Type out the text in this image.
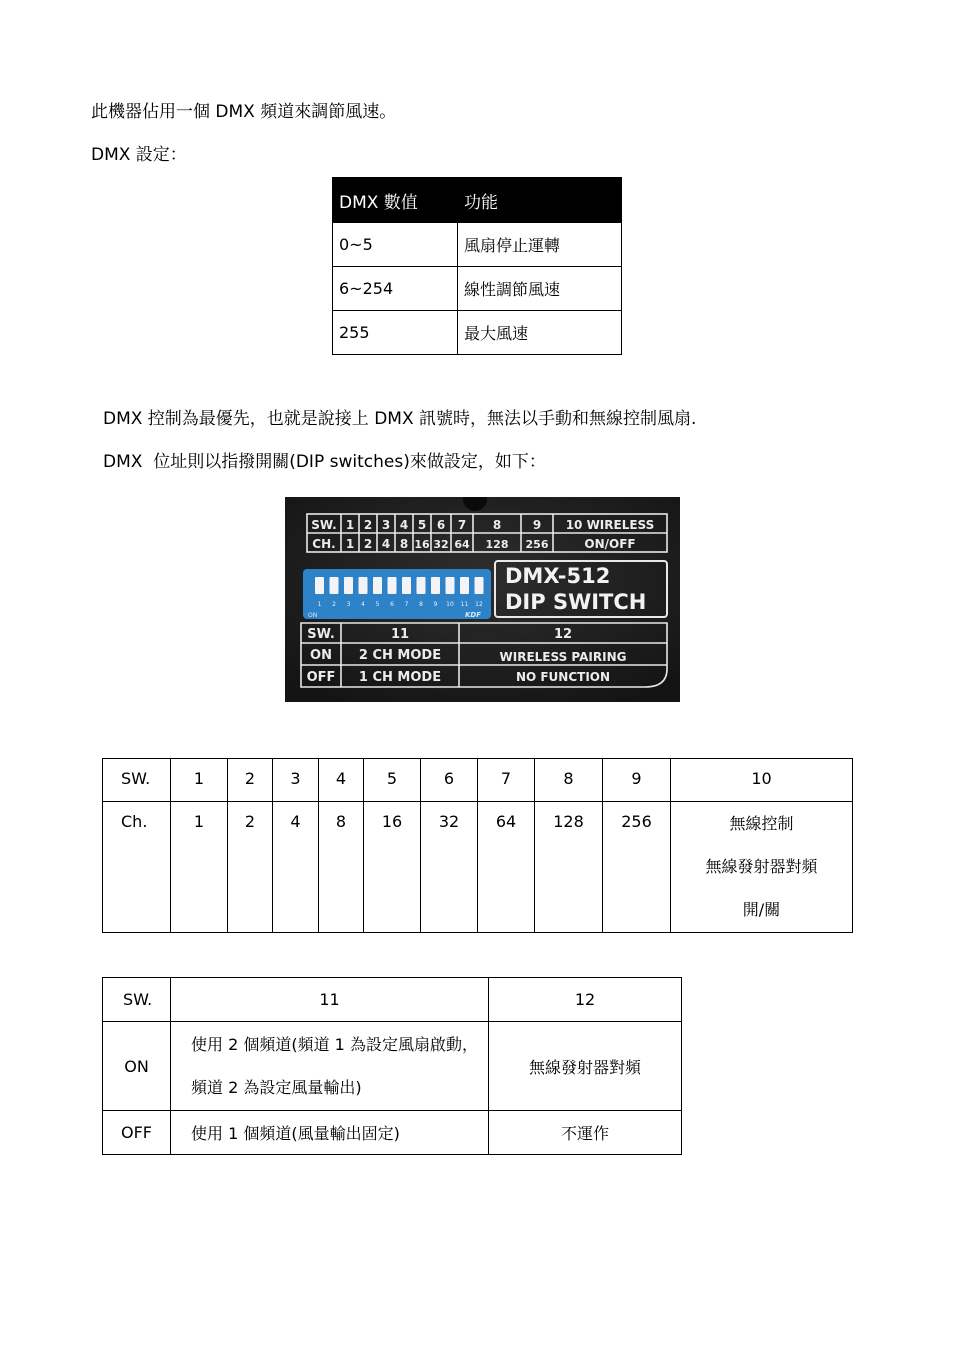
此機器佔用一個 DMX 頻道來調節風速。
DMX 設定：
DMX 數值	功能
0~5	風扇停止運轉
6~254	線性調節風速
255	最大風速
DMX 控制為最優先，也就是說接上 DMX 訊號時，無法以手動和無線控制風扇.
DMX  位址則以指撥開關(DIP switches)來做設定，如下：
SW. 1 2 3 4 5 6 7 8	9 10 WIRELESS
CH. 1 2 4 8 16 32 64 128 256	ON/OFF
1 2 3 4 5 6 7 8 9 10 11 12
ON	KDF
DMX-512
DIP SWITCH
SW.	11	12
ON 2 CH MODE	WIRELESS PAIRING
OFF 1 CH MODE	NO FUNCTION
SW.	1	2	3	4	5	6	7	8	9	10
Ch.	1	2	4	8	16	32	64	128	256	無線控制
無線發射器對頻
開/關
SW.	11	12
ON	使用 2 個頻道(頻道 1 為設定風扇啟動，頻道 2 為設定風量輸出)	無線發射器對頻
OFF	使用 1 個頻道(風量輸出固定)	不運作
